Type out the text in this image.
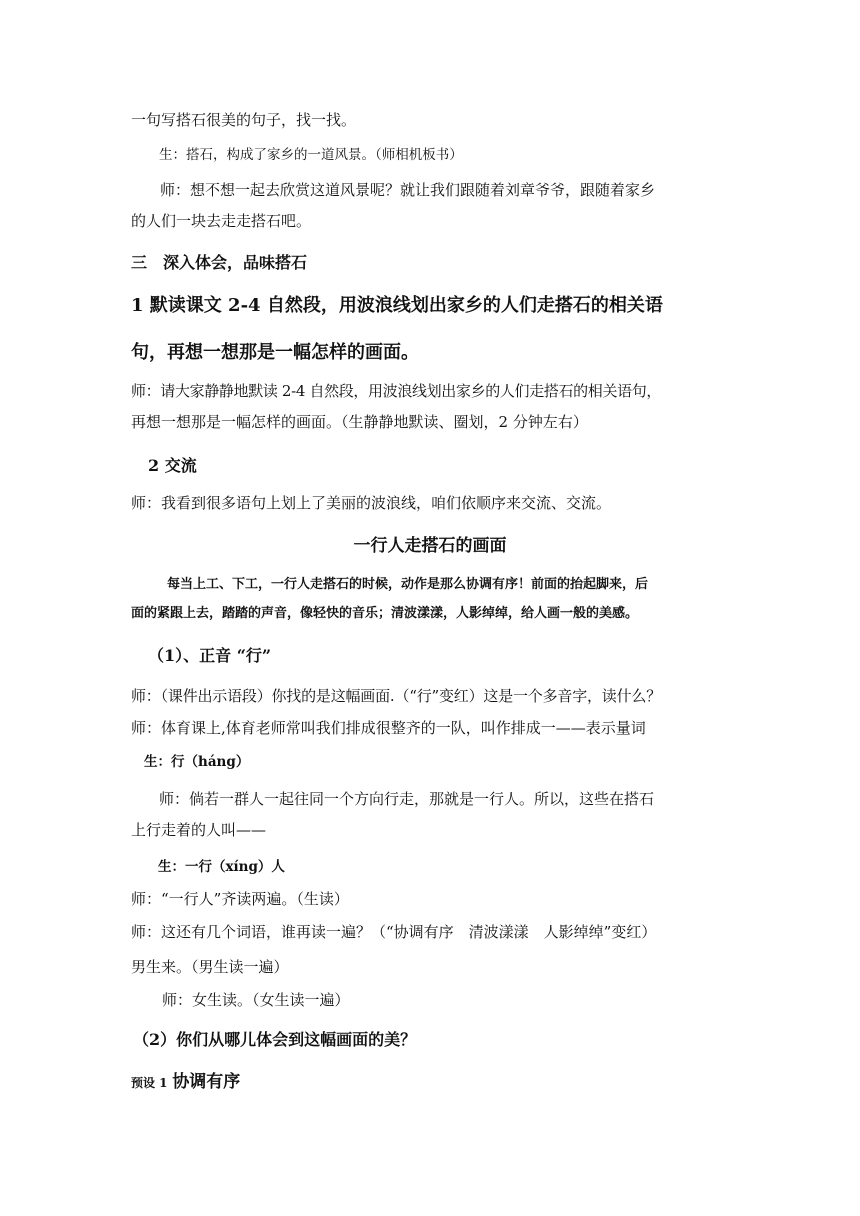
一句写搭石很美的句子，找一找。
生：搭石，构成了家乡的一道风景。（师相机板书）
师：想不想一起去欣赏这道风景呢？就让我们跟随着刘章爷爷，跟随着家乡
的人们一块去走走搭石吧。
三　深入体会，品味搭石
1 默读课文 2-4 自然段，用波浪线划出家乡的人们走搭石的相关语
句，再想一想那是一幅怎样的画面。
师：请大家静静地默读 2-4 自然段，用波浪线划出家乡的人们走搭石的相关语句，
再想一想那是一幅怎样的画面。（生静静地默读、圈划，2 分钟左右）
2 交流
师：我看到很多语句上划上了美丽的波浪线，咱们依顺序来交流、交流。
一行人走搭石的画面
每当上工、下工，一行人走搭石的时候，动作是那么协调有序！前面的抬起脚来，后
面的紧跟上去，踏踏的声音，像轻快的音乐；清波漾漾，人影绰绰，给人画一般的美感。
（1）、正音 “行”
师：（课件出示语段）你找的是这幅画面.（“行”变红）这是一个多音字，读什么？
师：体育课上,体育老师常叫我们排成很整齐的一队，叫作排成一——表示量词
生：行（háng）
师：倘若一群人一起往同一个方向行走，那就是一行人。所以，这些在搭石
上行走着的人叫——
生：一行（xíng）人
师：“一行人”齐读两遍。（生读）
师：这还有几个词语，谁再读一遍？（“协调有序　清波漾漾　人影绰绰”变红）
男生来。（男生读一遍）
师：女生读。（女生读一遍）
（2）你们从哪儿体会到这幅画面的美？
预设 1 协调有序
